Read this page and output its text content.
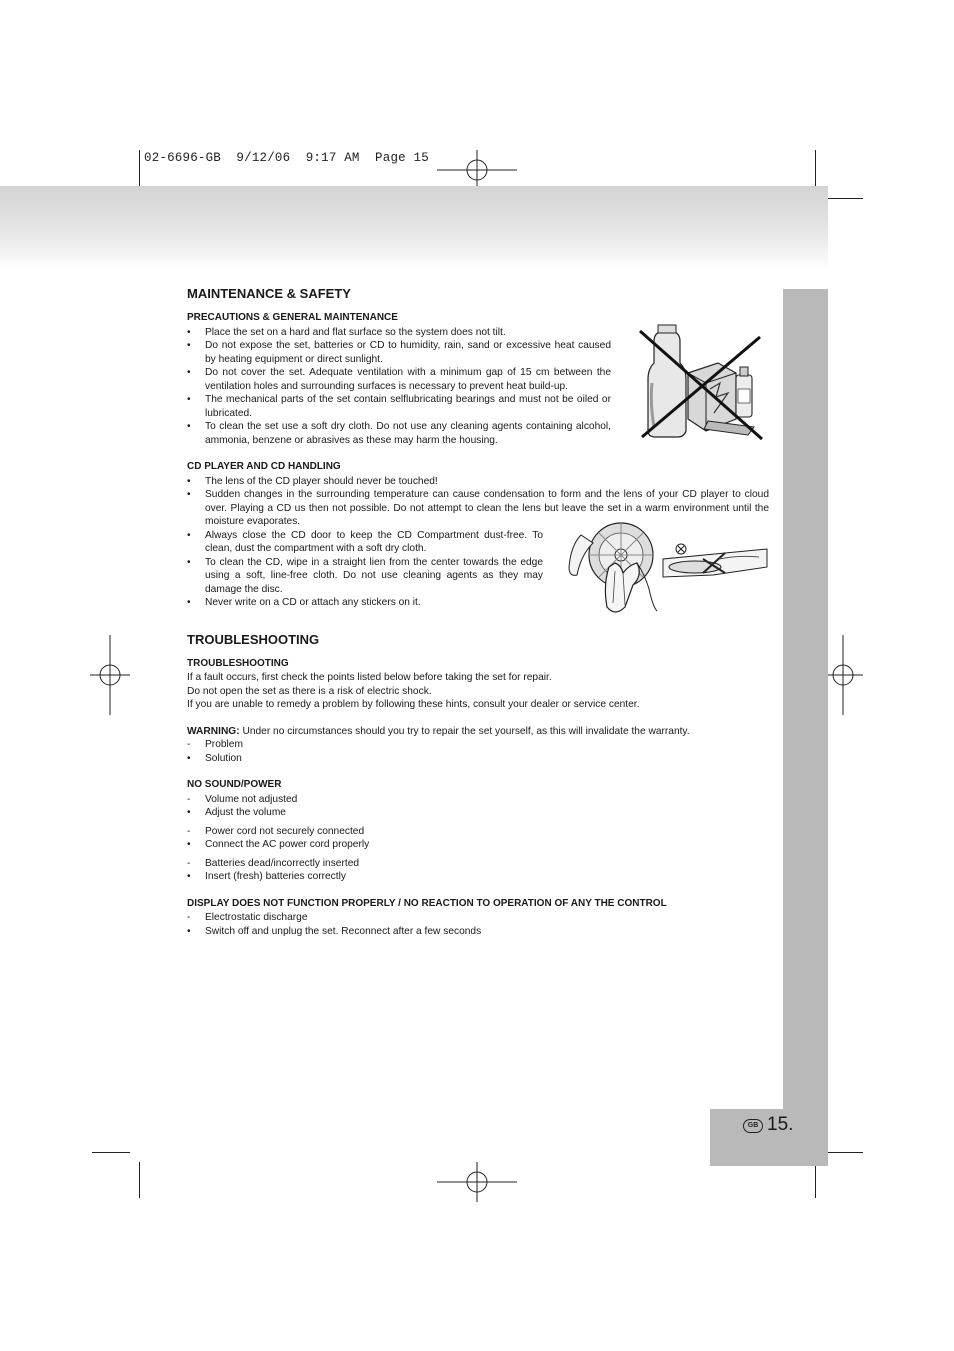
02-6696-GB  9/12/06  9:17 AM  Page 15
GB 15.
MAINTENANCE & SAFETY
PRECAUTIONS & GENERAL MAINTENANCE
• Place the set on a hard and flat surface so the system does not tilt.
• Do not expose the set, batteries or CD to humidity, rain, sand or excessive heat caused by heating equipment or direct sunlight.
• Do not cover the set. Adequate ventilation with a minimum gap of 15 cm between the ventilation holes and surrounding surfaces is necessary to prevent heat build-up.
• The mechanical parts of the set contain selflubricating bearings and must not be oiled or lubricated.
• To clean the set use a soft dry cloth. Do not use any cleaning agents containing alcohol, ammonia, benzene or abrasives as these may harm the housing.
CD PLAYER AND CD HANDLING
• The lens of the CD player should never be touched!
• Sudden changes in the surrounding temperature can cause condensation to form and the lens of your CD player to cloud over. Playing a CD us then not possible. Do not attempt to clean the lens but leave the set in a warm environment until the moisture evaporates.
• Always close the CD door to keep the CD Compartment dust-free. To clean, dust the compartment with a soft dry cloth.
• To clean the CD, wipe in a straight lien from the center towards the edge using a soft, line-free cloth. Do not use cleaning agents as they may damage the disc.
• Never write on a CD or attach any stickers on it.
TROUBLESHOOTING
TROUBLESHOOTING

If a fault occurs, first check the points listed below before taking the set for repair.

Do not open the set as there is a risk of electric shock.

If you are unable to remedy a problem by following these hints, consult your dealer or service center.

WARNING: Under no circumstances should you try to repair the set yourself, as this will invalidate the warranty.

- Problem
• Solution
NO SOUND/POWER
- Volume not adjusted
• Adjust the volume
- Power cord not securely connected
• Connect the AC power cord properly
- Batteries dead/incorrectly inserted
• Insert (fresh) batteries correctly
DISPLAY DOES NOT FUNCTION PROPERLY / NO REACTION TO OPERATION OF ANY THE CONTROL
- Electrostatic discharge
• Switch off and unplug the set. Reconnect after a few seconds
